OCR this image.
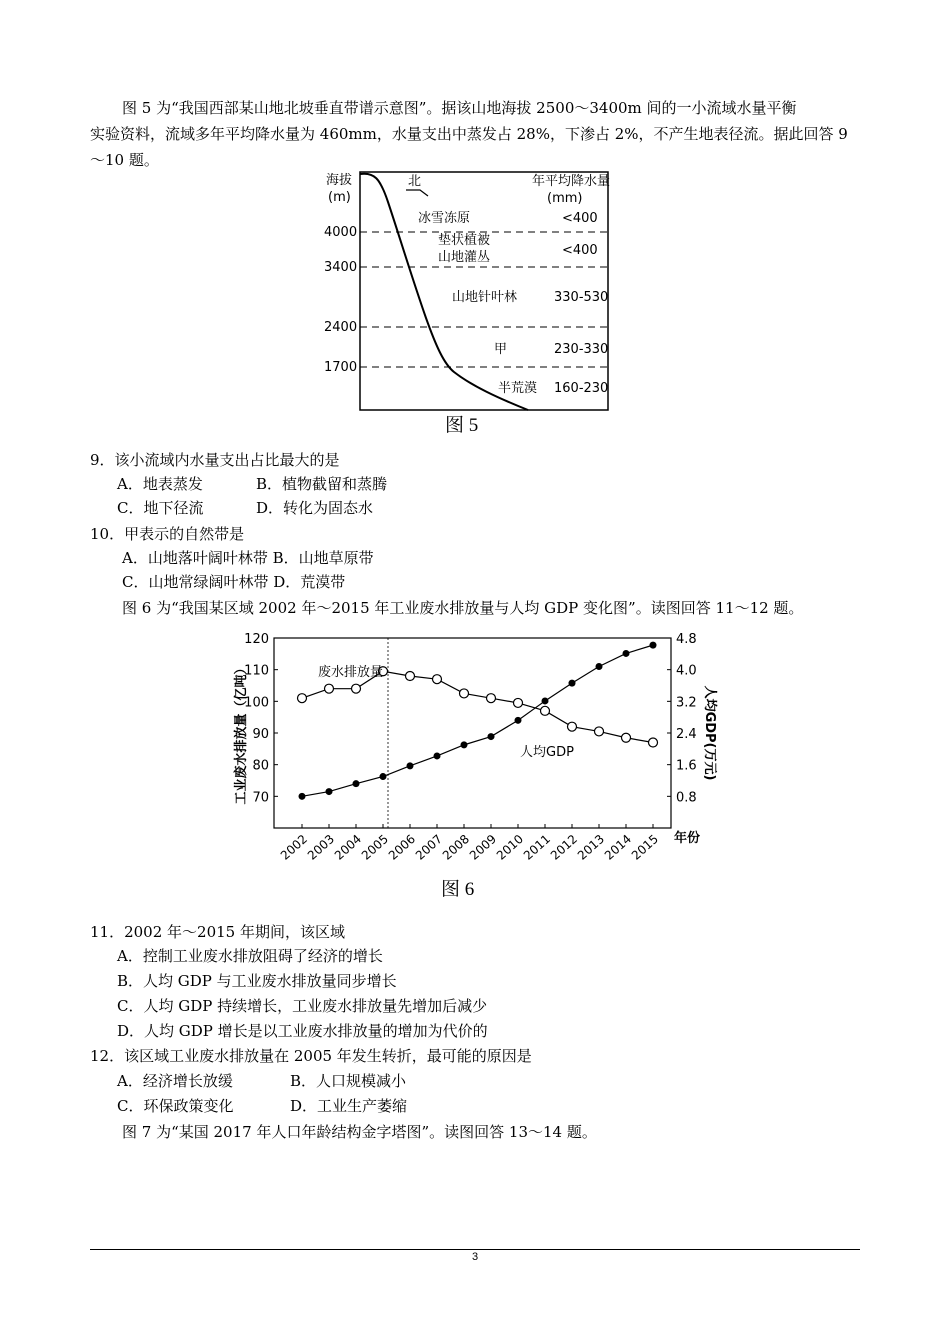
图 5 为“我国西部某山地北坡垂直带谱示意图”。据该山地海拔 2500～3400m 间的一小流域水量平衡
实验资料，流域多年平均降水量为 460mm，水量支出中蒸发占 28%，下渗占 2%，不产生地表径流。据此回答 9
～10 题。
海拔
(m)
北	年平均降水量
(mm)
4000
3400
2400
1700
冰雪冻原	<400
垫状植被
山地灌丛	<400
山地针叶林	330-530
甲	230-330
半荒漠 160-230
图 5
9．该小流域内水量支出占比最大的是
A．地表蒸发	B．植物截留和蒸腾
C．地下径流	D．转化为固态水
10．甲表示的自然带是
A．山地落叶阔叶林带 B．山地草原带
C．山地常绿阔叶林带 D．荒漠带
图 6 为“我国某区域 2002 年～2015 年工业废水排放量与人均 GDP 变化图”。读图回答 11～12 题。
120
110
100
90
80
70
4.8
4.0
3.2
2.4
1.6
0.8
2002
2003
2004
2005
2006
2007
2008
2009
2010
2011
2012
2013
2014
2015
废水排放量
人均GDP
年份
工业废水排放量（亿吨）	人均GDP(万元)
图 6
11．2002 年～2015 年期间，该区域
A．控制工业废水排放阻碍了经济的增长
B．人均 GDP 与工业废水排放量同步增长
C．人均 GDP 持续增长，工业废水排放量先增加后减少
D．人均 GDP 增长是以工业废水排放量的增加为代价的
12．该区域工业废水排放量在 2005 年发生转折，最可能的原因是
A．经济增长放缓	B．人口规模减小
C．环保政策变化	D．工业生产萎缩
图 7 为“某国 2017 年人口年龄结构金字塔图”。读图回答 13～14 题。
3
